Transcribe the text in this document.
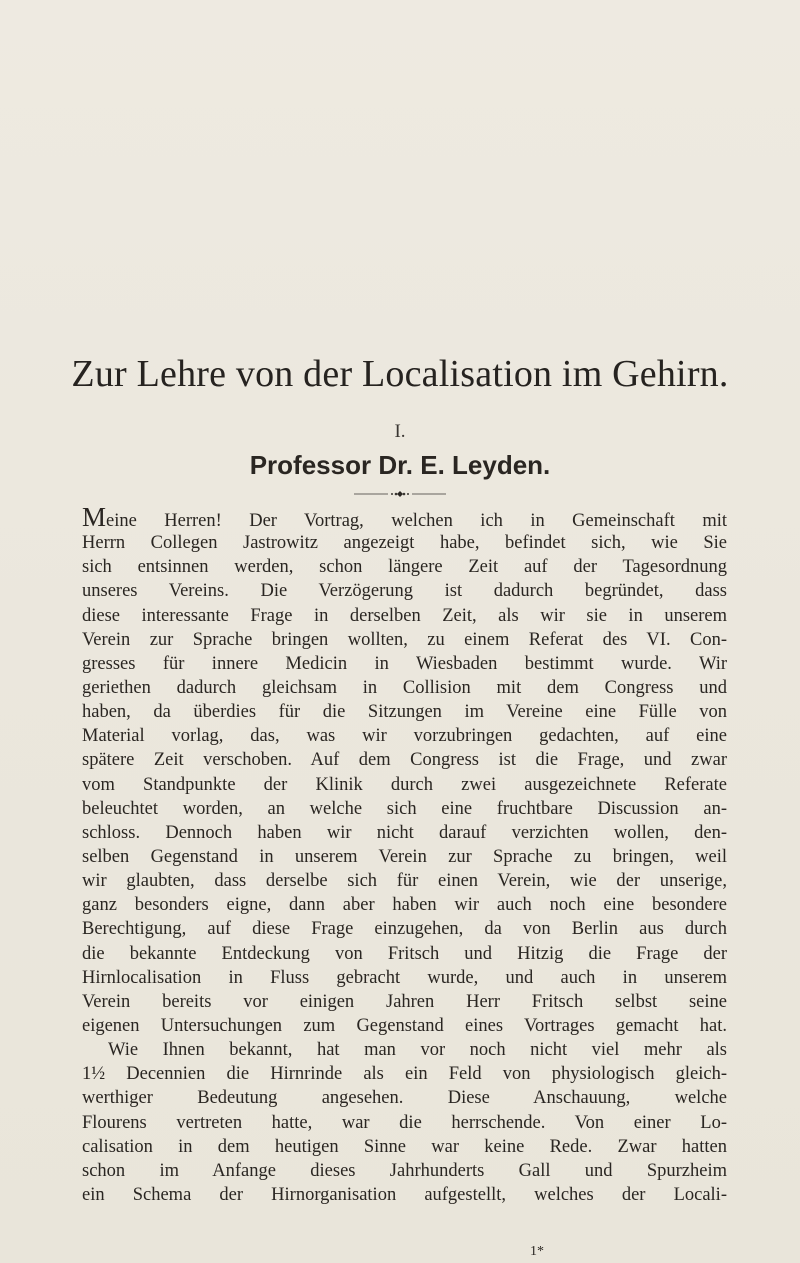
Zur Lehre von der Localisation im Gehirn.
I.
Professor Dr. E. Leyden.
Meine Herren! Der Vortrag, welchen ich in Gemeinschaft mit
Herrn Collegen Jastrowitz angezeigt habe, befindet sich, wie Sie
sich entsinnen werden, schon längere Zeit auf der Tagesordnung
unseres Vereins. Die Verzögerung ist dadurch begründet, dass
diese interessante Frage in derselben Zeit, als wir sie in unserem
Verein zur Sprache bringen wollten, zu einem Referat des VI. Con-
gresses für innere Medicin in Wiesbaden bestimmt wurde. Wir
geriethen dadurch gleichsam in Collision mit dem Congress und
haben, da überdies für die Sitzungen im Vereine eine Fülle von
Material vorlag, das, was wir vorzubringen gedachten, auf eine
spätere Zeit verschoben. Auf dem Congress ist die Frage, und zwar
vom Standpunkte der Klinik durch zwei ausgezeichnete Referate
beleuchtet worden, an welche sich eine fruchtbare Discussion an-
schloss. Dennoch haben wir nicht darauf verzichten wollen, den-
selben Gegenstand in unserem Verein zur Sprache zu bringen, weil
wir glaubten, dass derselbe sich für einen Verein, wie der unserige,
ganz besonders eigne, dann aber haben wir auch noch eine besondere
Berechtigung, auf diese Frage einzugehen, da von Berlin aus durch
die bekannte Entdeckung von Fritsch und Hitzig die Frage der
Hirnlocalisation in Fluss gebracht wurde, und auch in unserem
Verein bereits vor einigen Jahren Herr Fritsch selbst seine
eigenen Untersuchungen zum Gegenstand eines Vortrages gemacht hat.
Wie Ihnen bekannt, hat man vor noch nicht viel mehr als
1½ Decennien die Hirnrinde als ein Feld von physiologisch gleich-
werthiger Bedeutung angesehen. Diese Anschauung, welche
Flourens vertreten hatte, war die herrschende. Von einer Lo-
calisation in dem heutigen Sinne war keine Rede. Zwar hatten
schon im Anfange dieses Jahrhunderts Gall und Spurzheim
ein Schema der Hirnorganisation aufgestellt, welches der Locali-
1*
